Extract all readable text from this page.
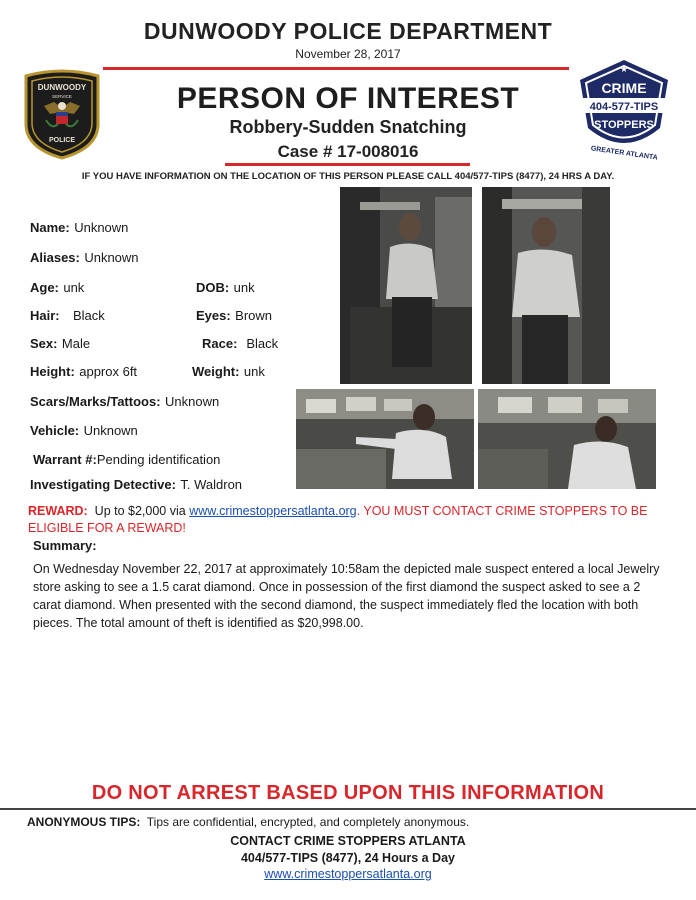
DUNWOODY POLICE DEPARTMENT
November 28, 2017
DUNWOODY
SERVICE
POLICE
★
CRIME
404-577-TIPS
STOPPERS
GREATER ATLANTA
PERSON OF INTEREST
Robbery-Sudden Snatching
Case # 17-008016
IF YOU HAVE INFORMATION ON THE LOCATION OF THIS PERSON PLEASE CALL 404/577-TIPS (8477), 24 HRS A DAY.
Name: Unknown
Aliases: Unknown
Age: unk	DOB: unk
Hair: Black	Eyes: Brown
Sex: Male	Race: Black
Height: approx 6ft	Weight: unk
Scars/Marks/Tattoos: Unknown
Vehicle: Unknown
Warrant #:Pending identification
Investigating Detective: T. Waldron
REWARD: Up to $2,000 via www.crimestoppersatlanta.org. YOU MUST CONTACT CRIME STOPPERS TO BE ELIGIBLE FOR A REWARD!
Summary:
On Wednesday November 22, 2017 at approximately 10:58am the depicted male suspect entered a local Jewelry store asking to see a 1.5 carat diamond. Once in possession of the first diamond the suspect asked to see a 2 carat diamond. When presented with the second diamond, the suspect immediately fled the location with both pieces. The total amount of theft is identified as $20,998.00.
DO NOT ARREST BASED UPON THIS INFORMATION
ANONYMOUS TIPS: Tips are confidential, encrypted, and completely anonymous.
CONTACT CRIME STOPPERS ATLANTA
404/577-TIPS (8477), 24 Hours a Day
www.crimestoppersatlanta.org
